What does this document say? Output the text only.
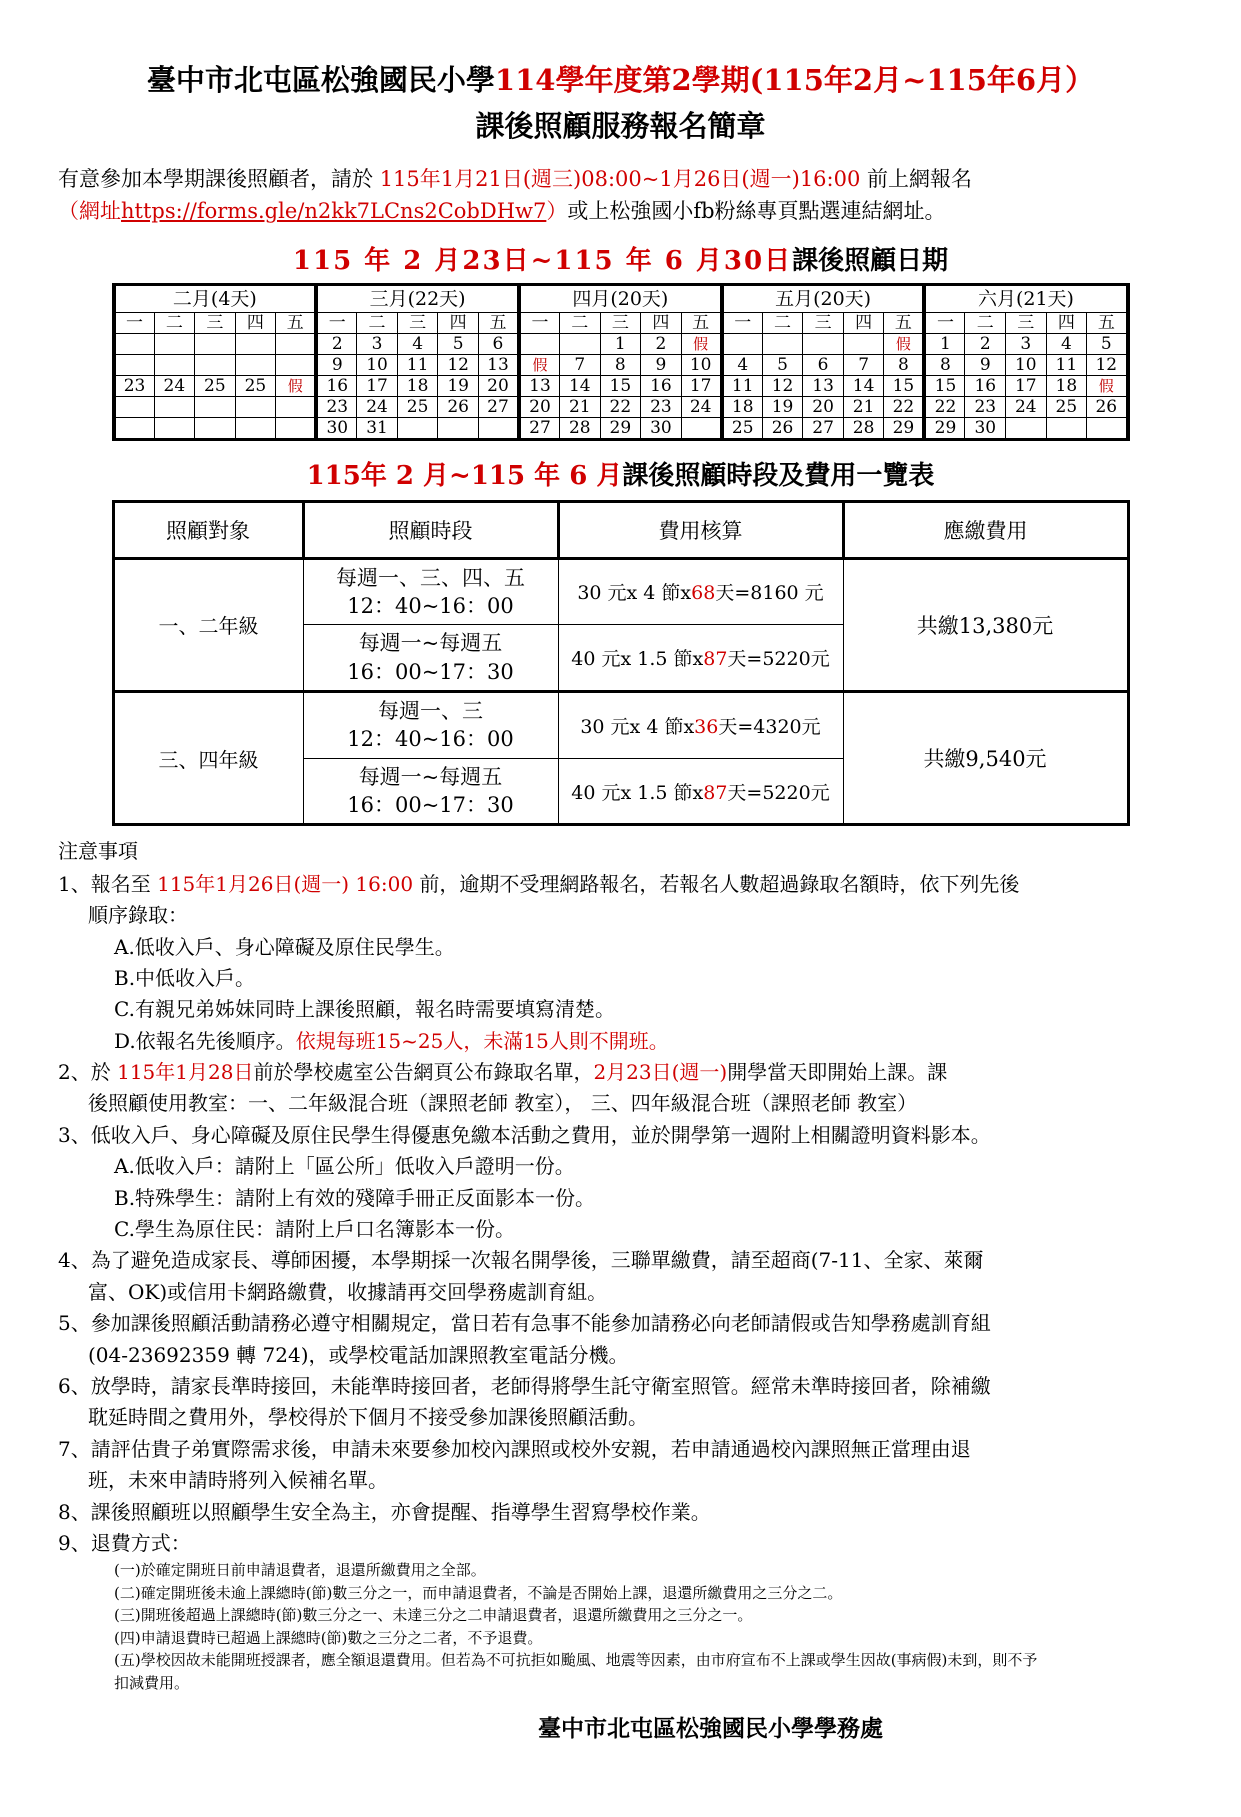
臺中市北屯區松強國民小學114學年度第2學期(115年2月~115年6月）
課後照顧服務報名簡章
有意參加本學期課後照顧者，請於 115年1月21日(週三)08:00~1月26日(週一)16:00 前上網報名
（網址https://forms.gle/n2kk7LCns2CobDHw7）或上松強國小fb粉絲專頁點選連結網址。
115 年 2 月23日~115 年 6 月30日課後照顧日期
二月(4天)					三月(22天)					四月(20天)					五月(20天)					六月(21天)				
一	二	三	四	五	一	二	三	四	五	一	二	三	四	五	一	二	三	四	五	一	二	三	四	五
					2	3	4	5	6			1	2	假					假	1	2	3	4	5
					9	10	11	12	13	假	7	8	9	10	4	5	6	7	8	8	9	10	11	12
23	24	25	25	假	16	17	18	19	20	13	14	15	16	17	11	12	13	14	15	15	16	17	18	假
					23	24	25	26	27	20	21	22	23	24	18	19	20	21	22	22	23	24	25	26
					30	31				27	28	29	30		25	26	27	28	29	29	30			
115年 2 月~115 年 6 月課後照顧時段及費用一覽表
照顧對象	照顧時段	費用核算	應繳費用
一、二年級	每週一、三、四、五
12：40~16：00	30 元x 4 節x68天=8160 元	共繳13,380元

	每週一~每週五
16：00~17：30	40 元x 1.5 節x87天=5220元	
三、四年級	每週一、三
12：40~16：00	30 元x 4 節x36天=4320元	共繳9,540元

	每週一~每週五
16：00~17：30	40 元x 1.5 節x87天=5220元	
注意事項
1、報名至 115年1月26日(週一) 16:00 前，逾期不受理網路報名，若報名人數超過錄取名額時，依下列先後
順序錄取：
A.低收入戶、身心障礙及原住民學生。
B.中低收入戶。
C.有親兄弟姊妹同時上課後照顧，報名時需要填寫清楚。
D.依報名先後順序。依規每班15~25人，未滿15人則不開班。
2、於 115年1月28日前於學校處室公告網頁公布錄取名單，2月23日(週一)開學當天即開始上課。課
後照顧使用教室：一、二年級混合班（課照老師 教室）， 三、四年級混合班（課照老師 教室）
3、低收入戶、身心障礙及原住民學生得優惠免繳本活動之費用，並於開學第一週附上相關證明資料影本。
A.低收入戶：請附上「區公所」低收入戶證明一份。
B.特殊學生：請附上有效的殘障手冊正反面影本一份。
C.學生為原住民：請附上戶口名簿影本一份。
4、為了避免造成家長、導師困擾，本學期採一次報名開學後，三聯單繳費，請至超商(7-11、全家、萊爾
富、OK)或信用卡網路繳費，收據請再交回學務處訓育組。
5、參加課後照顧活動請務必遵守相關規定，當日若有急事不能參加請務必向老師請假或告知學務處訓育組
(04-23692359 轉 724)，或學校電話加課照教室電話分機。
6、放學時，請家長準時接回，未能準時接回者，老師得將學生託守衛室照管。經常未準時接回者，除補繳
耽延時間之費用外，學校得於下個月不接受參加課後照顧活動。
7、請評估貴子弟實際需求後，申請未來要參加校內課照或校外安親，若申請通過校內課照無正當理由退
班，未來申請時將列入候補名單。
8、課後照顧班以照顧學生安全為主，亦會提醒、指導學生習寫學校作業。
9、退費方式：
(一)於確定開班日前申請退費者，退還所繳費用之全部。
(二)確定開班後未逾上課總時(節)數三分之一，而申請退費者，不論是否開始上課，退還所繳費用之三分之二。
(三)開班後超過上課總時(節)數三分之一、未達三分之二申請退費者，退還所繳費用之三分之一。
(四)申請退費時已超過上課總時(節)數之三分之二者，不予退費。
(五)學校因故未能開班授課者，應全額退還費用。但若為不可抗拒如颱風、地震等因素，由市府宣布不上課或學生因故(事病假)未到，則不予
扣減費用。
臺中市北屯區松強國民小學學務處
